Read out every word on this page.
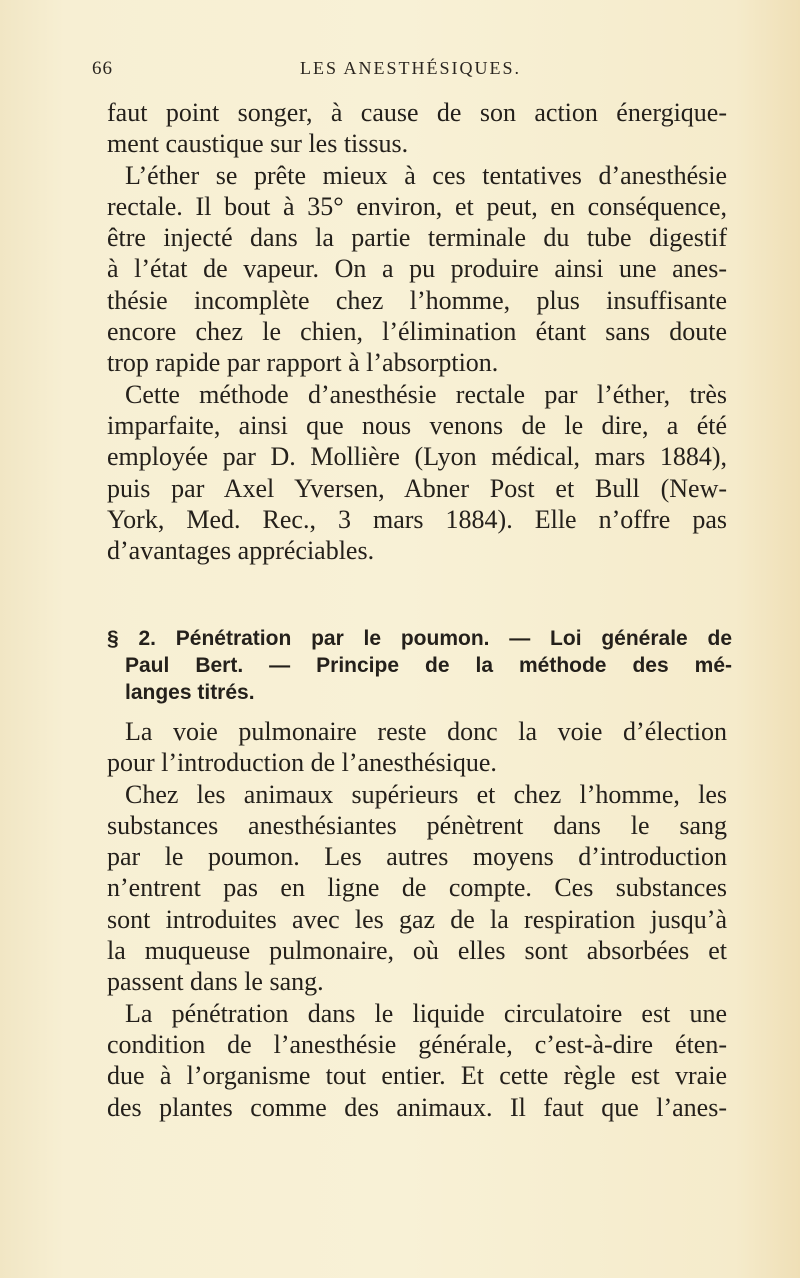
66	LES ANESTHÉSIQUES.
faut point songer, à cause de son action énergique-
ment caustique sur les tissus.
L’éther se prête mieux à ces tentatives d’anesthésie
rectale. Il bout à 35° environ, et peut, en conséquence,
être injecté dans la partie terminale du tube digestif
à l’état de vapeur. On a pu produire ainsi une anes-
thésie incomplète chez l’homme, plus insuffisante
encore chez le chien, l’élimination étant sans doute
trop rapide par rapport à l’absorption.
Cette méthode d’anesthésie rectale par l’éther, très
imparfaite, ainsi que nous venons de le dire, a été
employée par D. Mollière (Lyon médical, mars 1884),
puis par Axel Yversen, Abner Post et Bull (New-
York, Med. Rec., 3 mars 1884). Elle n’offre pas
d’avantages appréciables.
§ 2. Pénétration par le poumon. — Loi générale de
Paul Bert. — Principe de la méthode des mé-
langes titrés.
La voie pulmonaire reste donc la voie d’élection
pour l’introduction de l’anesthésique.
Chez les animaux supérieurs et chez l’homme, les
substances anesthésiantes pénètrent dans le sang
par le poumon. Les autres moyens d’introduction
n’entrent pas en ligne de compte. Ces substances
sont introduites avec les gaz de la respiration jusqu’à
la muqueuse pulmonaire, où elles sont absorbées et
passent dans le sang.
La pénétration dans le liquide circulatoire est une
condition de l’anesthésie générale, c’est-à-dire éten-
due à l’organisme tout entier. Et cette règle est vraie
des plantes comme des animaux. Il faut que l’anes-
